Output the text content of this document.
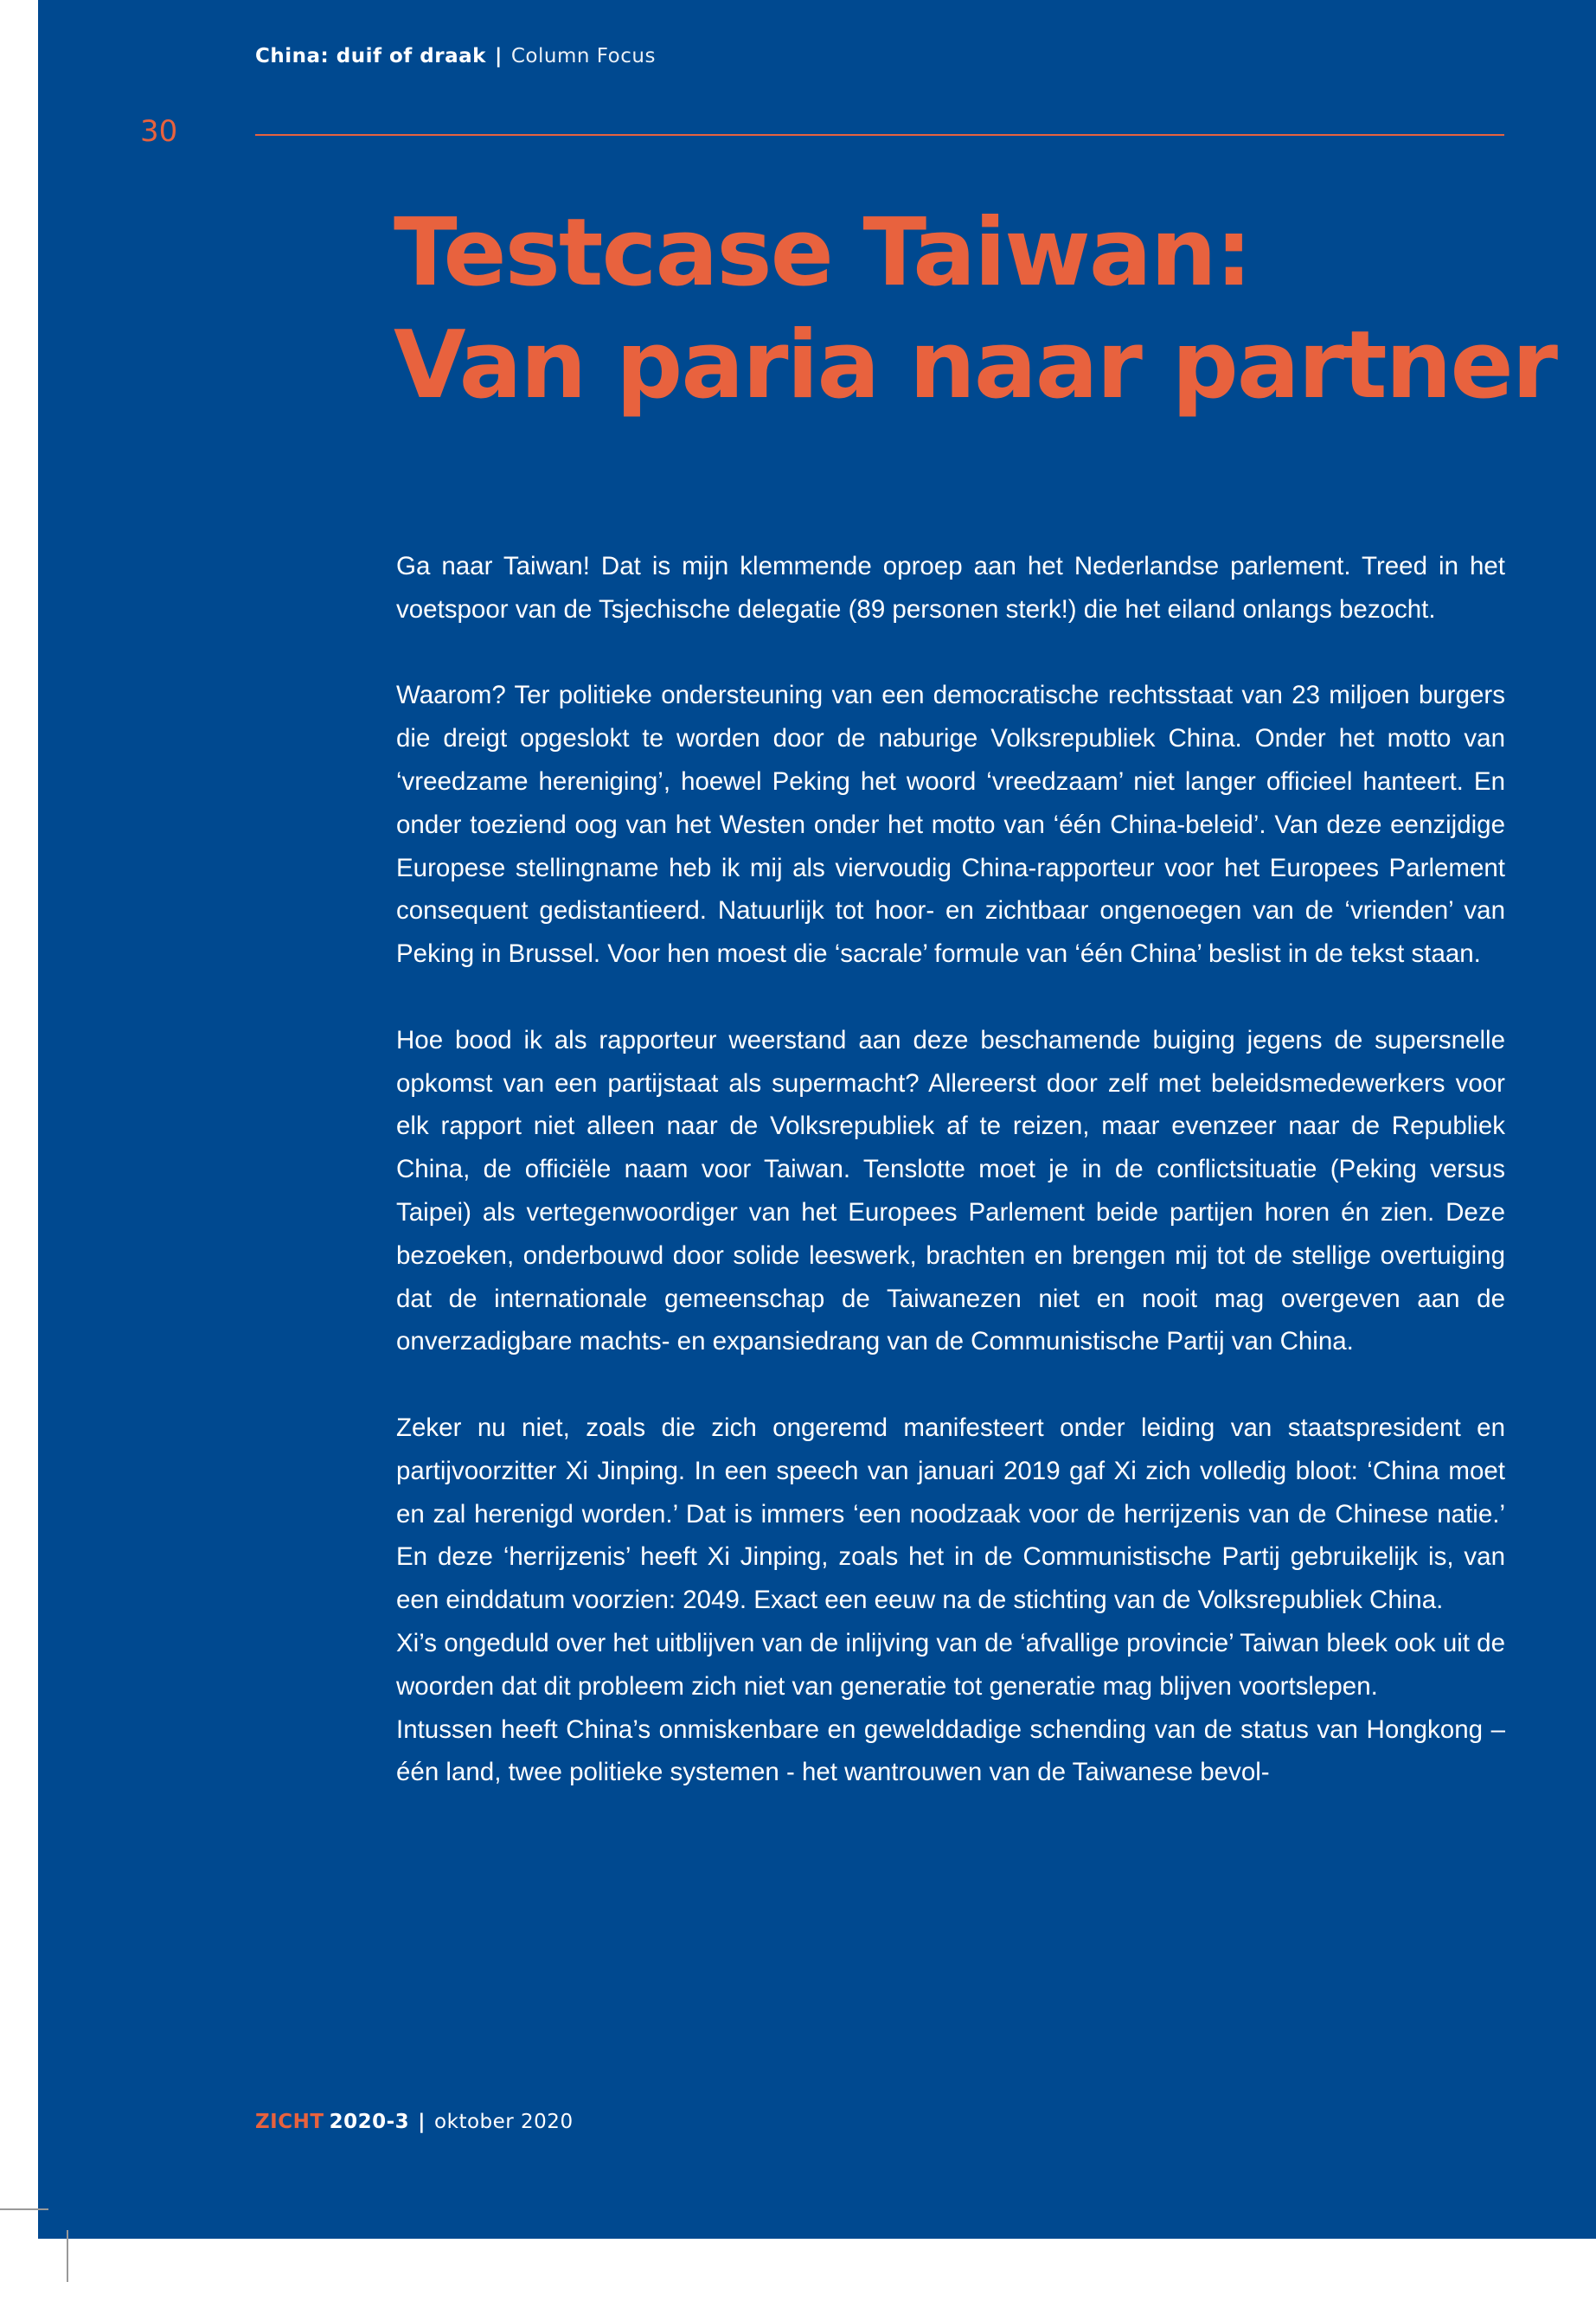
China: duif of draak | Column Focus
30
Testcase Taiwan:
Van paria naar partner

Ga naar Taiwan! Dat is mijn klemmende oproep aan het Nederlandse parlement. Treed in het voetspoor van de Tsjechische delegatie (89 personen sterk!) die het eiland onlangs bezocht.

Waarom? Ter politieke ondersteuning van een democratische rechtsstaat van 23 miljoen burgers die dreigt opgeslokt te worden door de naburige Volksrepubliek China. Onder het motto van ‘vreedzame hereniging’, hoewel Peking het woord ‘vreedzaam’ niet langer officieel hanteert. En onder toeziend oog van het Westen onder het motto van ‘één China-beleid’. Van deze eenzijdige Europese stellingname heb ik mij als viervoudig China-rapporteur voor het Europees Parlement consequent gedistantieerd. Natuurlijk tot hoor- en zichtbaar ongenoegen van de ‘vrienden’ van Peking in Brussel. Voor hen moest die ‘sacrale’ formule van ‘één China’ beslist in de tekst staan.

Hoe bood ik als rapporteur weerstand aan deze beschamende buiging jegens de supersnelle opkomst van een partijstaat als supermacht? Allereerst door zelf met beleidsmedewerkers voor elk rapport niet alleen naar de Volksrepubliek af te reizen, maar evenzeer naar de Republiek China, de officiële naam voor Taiwan. Tenslotte moet je in de conflictsituatie (Peking versus Taipei) als vertegenwoordiger van het Europees Parlement beide partijen horen én zien. Deze bezoeken, onderbouwd door solide leeswerk, brachten en brengen mij tot de stellige overtuiging dat de internationale gemeenschap de Taiwanezen niet en nooit mag overgeven aan de onverzadigbare machts- en expansiedrang van de Communistische Partij van China.

Zeker nu niet, zoals die zich ongeremd manifesteert onder leiding van staatspresident en partijvoorzitter Xi Jinping. In een speech van januari 2019 gaf Xi zich volledig bloot: ‘China moet en zal herenigd worden.’ Dat is immers ‘een noodzaak voor de herrijzenis van de Chinese natie.’ En deze ‘herrijzenis’ heeft Xi Jinping, zoals het in de Communistische Partij gebruikelijk is, van een einddatum voorzien: 2049. Exact een eeuw na de stichting van de Volksrepubliek China.

Xi’s ongeduld over het uitblijven van de inlijving van de ‘afvallige provincie’ Taiwan bleek ook uit de woorden dat dit probleem zich niet van generatie tot generatie mag blijven voortslepen.

Intussen heeft China’s onmiskenbare en gewelddadige schending van de status van Hongkong – één land, twee politieke systemen - het wantrouwen van de Taiwanese bevol-

ZICHT 2020-3 | oktober 2020
